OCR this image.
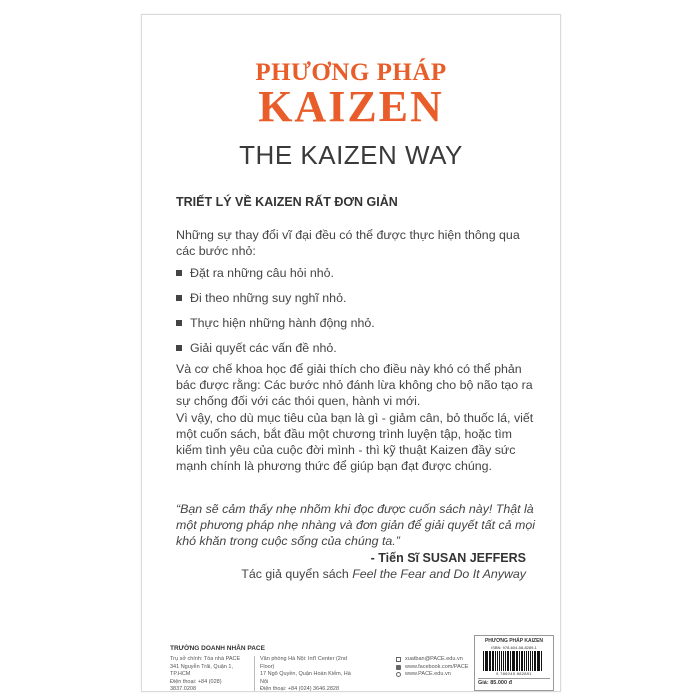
PHƯƠNG PHÁP
KAIZEN
THE KAIZEN WAY
TRIẾT LÝ VỀ KAIZEN RẤT ĐƠN GIẢN
Những sự thay đổi vĩ đại đều có thể được thực hiện thông qua các bước nhỏ:
Đặt ra những câu hỏi nhỏ.
Đi theo những suy nghĩ nhỏ.
Thực hiện những hành động nhỏ.
Giải quyết các vấn đề nhỏ.
Và cơ chế khoa học để giải thích cho điều này khó có thể phản bác được rằng: Các bước nhỏ đánh lừa không cho bộ não tạo ra sự chống đối với các thói quen, hành vi mới.
Vì vậy, cho dù mục tiêu của bạn là gì - giảm cân, bỏ thuốc lá, viết một cuốn sách, bắt đầu một chương trình luyện tập, hoặc tìm kiếm tình yêu của cuộc đời mình - thì kỹ thuật Kaizen đầy sức mạnh chính là phương thức để giúp bạn đạt được chúng.
“Bạn sẽ cảm thấy nhẹ nhõm khi đọc được cuốn sách này! Thật là một phương pháp nhẹ nhàng và đơn giản để giải quyết tất cả mọi khó khăn trong cuộc sống của chúng ta.”
- Tiến Sĩ SUSAN JEFFERS
Tác giả quyển sách Feel the Fear and Do It Anyway
TRƯỜNG DOANH NHÂN PACE
Trụ sở chính: Tòa nhà PACE
341 Nguyễn Trãi, Quận 1, TP.HCM
Điện thoại: +84 (028) 3837.0208
Văn phòng Hà Nội: Int'l Center (2nd Floor)
17 Ngô Quyền, Quận Hoàn Kiếm, Hà Nội
Điện thoại: +84 (024) 3646.2828
xuatban@PACE.edu.vn
www.facebook.com/PACE
www.PACE.edu.vn
PHƯƠNG PHÁP KAIZEN
ISBN: 978-604-58-8289-1
9 786045 882891
Giá: 85.000 đ
